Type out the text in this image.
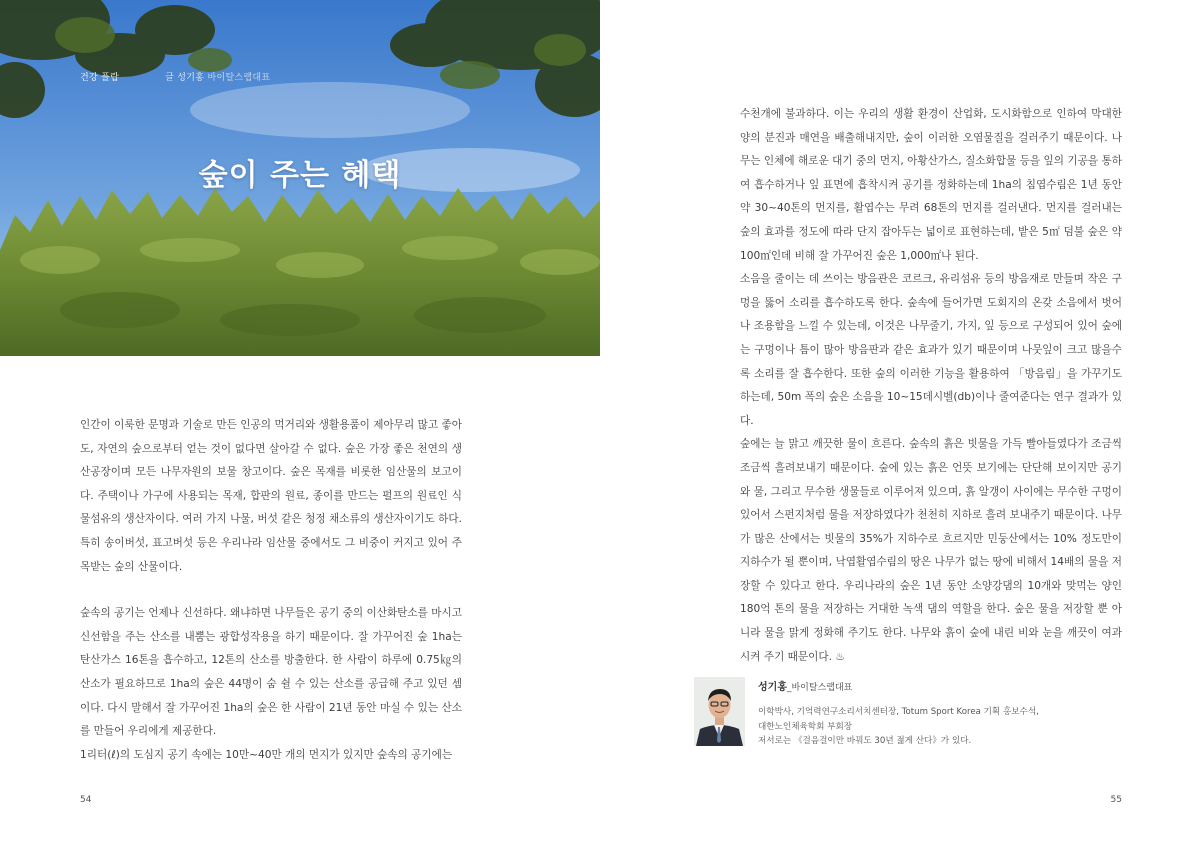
건강 플랍	글 성기홍 바이탈스랩대표
숲이 주는 혜택

인간이 이룩한 문명과 기술로 만든 인공의 먹거리와 생활용품이 제아무리 많고 좋아도, 자연의 숲으로부터 얻는 것이 없다면 살아갈 수 없다. 숲은 가장 좋은 천연의 생산공장이며 모든 나무자원의 보물 창고이다. 숲은 목재를 비롯한 임산물의 보고이다. 주택이나 가구에 사용되는 목재, 합판의 원료, 종이를 만드는 펄프의 원료인 식물섬유의 생산자이다. 여러 가지 나물, 버섯 같은 청정 채소류의 생산자이기도 하다. 특히 송이버섯, 표고버섯 등은 우리나라 임산물 중에서도 그 비중이 커지고 있어 주목받는 숲의 산물이다.

숲속의 공기는 언제나 신선하다. 왜냐하면 나무들은 공기 중의 이산화탄소를 마시고 신선함을 주는 산소를 내뿜는 광합성작용을 하기 때문이다. 잘 가꾸어진 숲 1ha는 탄산가스 16톤을 흡수하고, 12톤의 산소를 방출한다. 한 사람이 하루에 0.75㎏의 산소가 필요하므로 1ha의 숲은 44명이 숨 쉴 수 있는 산소를 공급해 주고 있던 셈이다. 다시 말해서 잘 가꾸어진 1ha의 숲은 한 사람이 21년 동안 마실 수 있는 산소를 만들어 우리에게 제공한다.

1리터(ℓ)의 도심지 공기 속에는 10만~40만 개의 먼지가 있지만 숲속의 공기에는

54

수천개에 불과하다. 이는 우리의 생활 환경이 산업화, 도시화함으로 인하여 막대한 양의 분진과 매연을 배출해내지만, 숲이 이러한 오염물질을 걸러주기 때문이다. 나무는 인체에 해로운 대기 중의 먼지, 아황산가스, 질소화합물 등을 잎의 기공을 통하여 흡수하거나 잎 표면에 흡착시켜 공기를 정화하는데 1ha의 침엽수림은 1년 동안 약 30~40톤의 먼지를, 활엽수는 무려 68톤의 먼지를 걸러낸다. 먼지를 걸러내는 숲의 효과를 정도에 따라 단지 잡아두는 넓이로 표현하는데, 밭은 5㎡ 덤불 숲은 약 100㎡인데 비해 잘 가꾸어진 숲은 1,000㎡나 된다.

소음을 줄이는 데 쓰이는 방음관은 코르크, 유리섬유 등의 방음재로 만들며 작은 구멍을 뚫어 소리를 흡수하도록 한다. 숲속에 들어가면 도회지의 온갖 소음에서 벗어나 조용함을 느낄 수 있는데, 이것은 나무줄기, 가지, 잎 등으로 구성되어 있어 숲에는 구멍이나 틈이 많아 방음판과 같은 효과가 있기 때문이며 나뭇잎이 크고 많을수록 소리를 잘 흡수한다. 또한 숲의 이러한 기능을 활용하여 「방음림」을 가꾸기도 하는데, 50m 폭의 숲은 소음을 10~15데시벨(db)이나 줄여준다는 연구 결과가 있다.

숲에는 늘 맑고 깨끗한 물이 흐른다. 숲속의 흙은 빗물을 가득 빨아들였다가 조금씩 조금씩 흘려보내기 때문이다. 숲에 있는 흙은 언뜻 보기에는 단단해 보이지만 공기와 물, 그리고 무수한 생물들로 이루어져 있으며, 흙 알갱이 사이에는 무수한 구멍이 있어서 스펀지처럼 물을 저장하였다가 천천히 지하로 흘려 보내주기 때문이다. 나무가 많은 산에서는 빗물의 35%가 지하수로 흐르지만 민둥산에서는 10% 정도만이 지하수가 될 뿐이며, 낙엽활엽수림의 땅은 나무가 없는 땅에 비해서 14배의 물을 저장할 수 있다고 한다. 우리나라의 숲은 1년 동안 소양강댐의 10개와 맞먹는 양인 180억 톤의 물을 저장하는 거대한 녹색 댐의 역할을 한다. 숲은 물을 저장할 뿐 아니라 물을 맑게 정화해 주기도 한다. 나무와 흙이 숲에 내린 비와 눈을 깨끗이 여과시켜 주기 때문이다. ♨

성기홍_바이탈스랩대표
이학박사, 기억력연구소리서치센터장, Totum Sport Korea 기획 홍보수석,
대한노인체육학회 부회장
저서로는 《걸음걸이만 바꿔도 30년 젊게 산다》가 있다.
55
